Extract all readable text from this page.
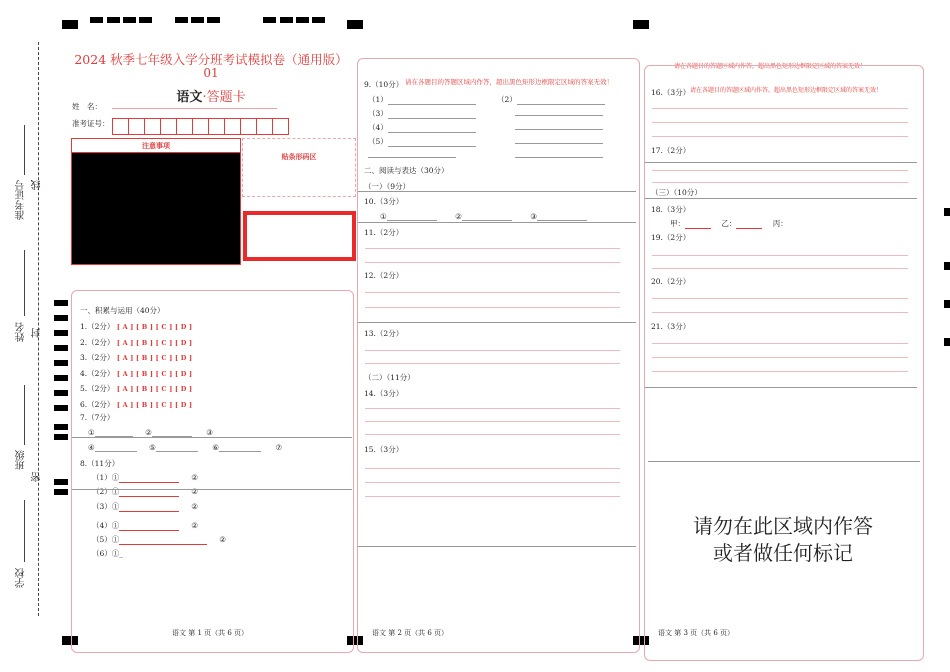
准考证号 线
姓名 封
班级
密
学校
2024 秋季七年级入学分班考试模拟卷（通用版）
01
语文·答题卡
姓　名：
准考证号：
注意事项
贴条形码区
一、积累与运用（40分）
1.（2分） [ A ] [ B ] [ C ] [ D ]
2.（2分） [ A ] [ B ] [ C ] [ D ]
3.（2分） [ A ] [ B ] [ C ] [ D ]
4.（2分） [ A ] [ B ] [ C ] [ D ]
5.（2分） [ A ] [ B ] [ C ] [ D ]
6.（2分） [ A ] [ B ] [ C ] [ D ]
7.（7分）
①	②	③
④	⑤	⑥	⑦
8.（11分）
（1）①	②
（2）①	②
（3）①	②
（4）①	②
（5）①	②
（6）①_
语文 第 1 页（共 6 页）
请在各题目的答题区域内作答，超出黑色矩形边框限定区域的答案无效！
9.（10分）
（1）	（2）
（3）
（4）
（5）
二、阅读与表达（30分）
（一）（9分）
10.（3分）
①	②	③
11.（2分）
12.（2分）
13.（2分）
（二）（11分）
14.（3分）
15.（3分）
语文 第 2 页（共 6 页）
请在各题目的答题区域内作答，超出黑色矩形边框限定区域的答案无效！
请在各题目的答题区域内作答，超出黑色矩形边框限定区域的答案无效！
16.（3分）
17.（2分）
（三）（10分）
18.（3分）
甲：	乙：	丙：
19.（2分）
20.（2分）
21.（3分）
请勿在此区域内作答
或者做任何标记
语文 第 3 页（共 6 页）
